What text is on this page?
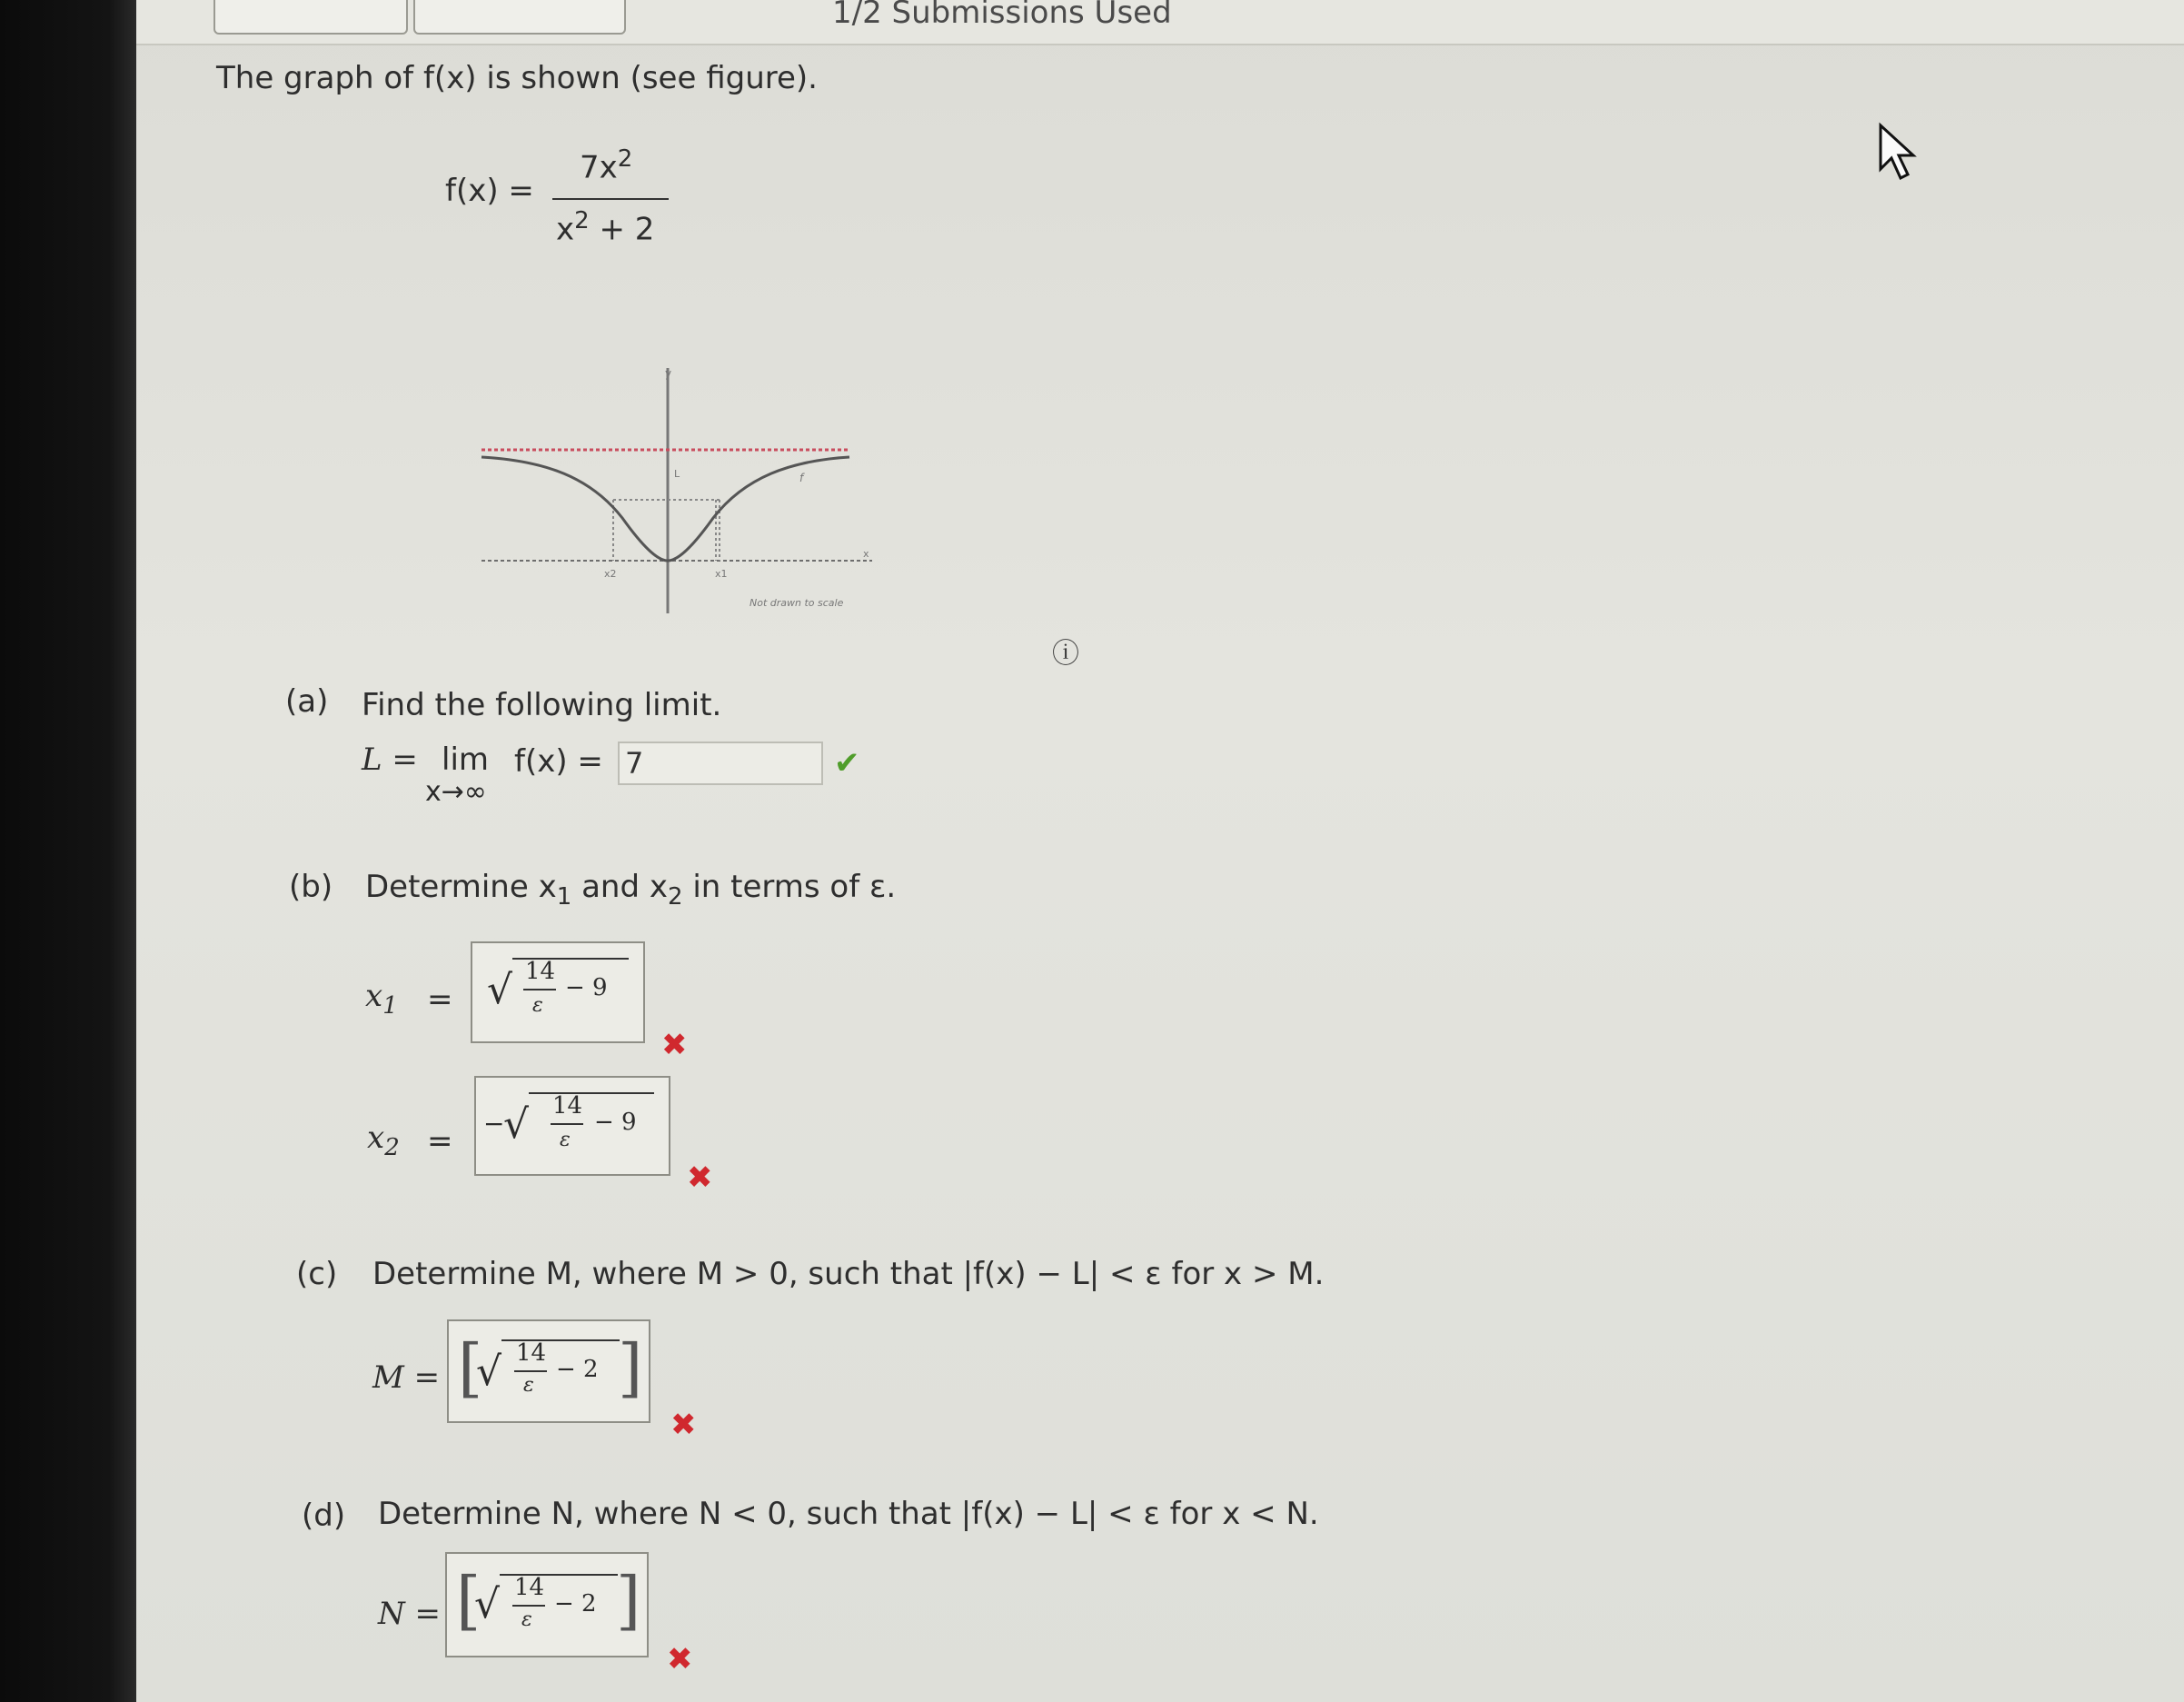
1/2 Submissions Used
The graph of f(x) is shown (see figure).
f(x) =
$7x^2$
$x^2 + 2$
y
f
L
x2	x1
x
Not drawn to scale
ⓘ
(a) Find the following limit.
L = lim
x→∞
f(x) = 7	✔
(b) Determine $x_1$ and $x_2$ in terms of ε.
$x_1$ = √ 14
ε
− 9
✖
$x_2$ = −
√ 14
ε
− 9
✖
(c) Determine M, where M > 0, such that |f(x) − L| < ε for x > M.
M = [
√ 14
ε
− 2 ]
✖
(d) Determine N, where N < 0, such that |f(x) − L| < ε for x < N.
N = [
√ 14
ε
− 2 ]
✖
